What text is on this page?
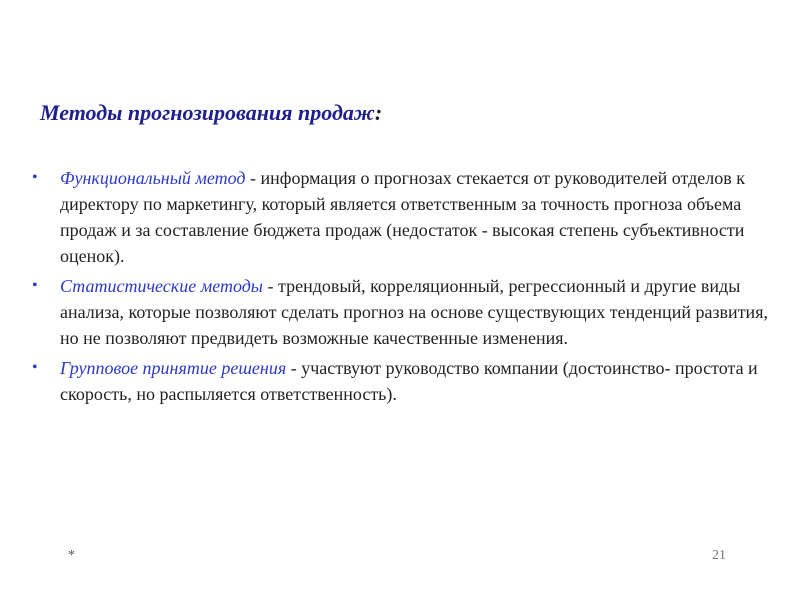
Методы прогнозирования продаж:
• Функциональный метод - информация о прогнозах стекается от руководителей отделов к директору по маркетингу, который является ответственным за точность прогноза объема продаж и за составление бюджета продаж (недостаток - высокая степень субъективности оценок).
• Статистические методы - трендовый, корреляционный, регрессионный и другие виды анализа, которые позволяют сделать прогноз на основе существующих тенденций развития, но не позволяют предвидеть возможные качественные изменения.
• Групповое принятие решения - участвуют руководство компании (достоинство- простота и скорость, но распыляется ответственность).
*	21
